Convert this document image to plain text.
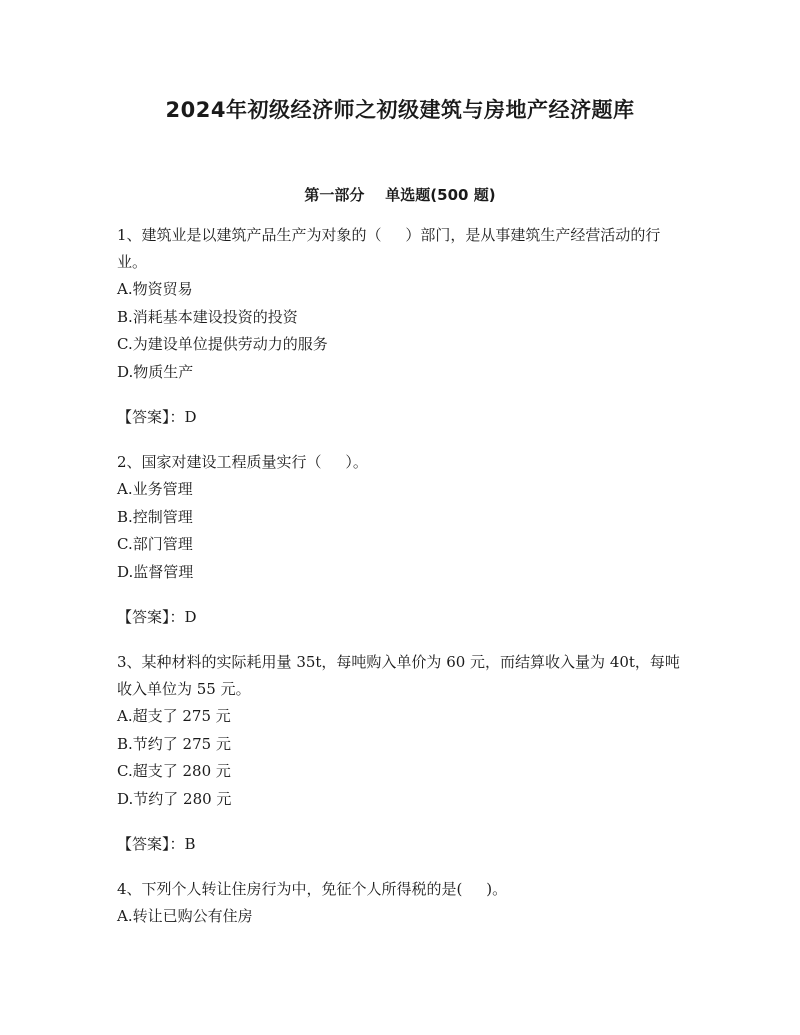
2024年初级经济师之初级建筑与房地产经济题库
第一部分    单选题(500 题)

1、建筑业是以建筑产品生产为对象的（     ）部门，是从事建筑生产经营活动的行业。

A.物资贸易

B.消耗基本建设投资的投资

C.为建设单位提供劳动力的服务

D.物质生产

【答案】：D

2、国家对建设工程质量实行（     ）。

A.业务管理

B.控制管理

C.部门管理

D.监督管理

【答案】：D

3、某种材料的实际耗用量 35t，每吨购入单价为 60 元，而结算收入量为 40t，每吨收入单位为 55 元。

A.超支了 275 元

B.节约了 275 元

C.超支了 280 元

D.节约了 280 元

【答案】：B

4、下列个人转让住房行为中，免征个人所得税的是(     )。

A.转让已购公有住房
